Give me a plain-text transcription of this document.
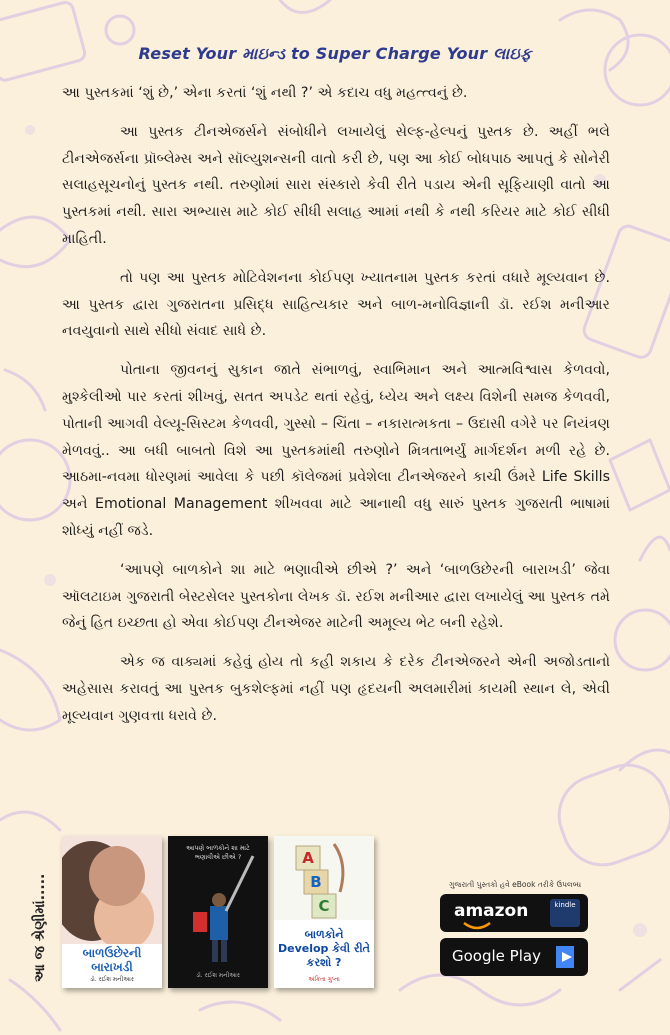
Reset Your માઇન્ડ to Super Charge Your લાઇફ

આ પુસ્તકમાં ‘શું છે,’ એના કરતાં ‘શું નથી ?’ એ કદાચ વધુ મહત્ત્વનું છે.

આ પુસ્તક ટીનએજર્સને સંબોધીને લખાયેલું સેલ્ફ-હેલ્પનું પુસ્તક છે. અહીં ભલે ટીનએજર્સના પ્રૉબ્લેમ્સ અને સૉલ્યુશન્સની વાતો કરી છે, પણ આ કોઈ બોધપાઠ આપતું કે સોનેરી સલાહસૂચનોનું પુસ્તક નથી. તરુણોમાં સારા સંસ્કારો કેવી રીતે પડાય એની સૂફિયાણી વાતો આ પુસ્તકમાં નથી. સારા અભ્યાસ માટે કોઈ સીધી સલાહ આમાં નથી કે નથી કરિયર માટે કોઈ સીધી માહિતી.

તો પણ આ પુસ્તક મોટિવેશનના કોઈપણ ખ્યાતનામ પુસ્તક કરતાં વધારે મૂલ્યવાન છે. આ પુસ્તક દ્વારા ગુજરાતના પ્રસિદ્ધ સાહિત્યકાર અને બાળ-મનોવિજ્ઞાની ડૉ. રઈશ મનીઆર નવયુવાનો સાથે સીધો સંવાદ સાધે છે.

પોતાના જીવનનું સુકાન જાતે સંભાળવું, સ્વાભિમાન અને આત્મવિશ્વાસ કેળવવો, મુશ્કેલીઓ પાર કરતાં શીખવું, સતત અપડેટ થતાં રહેવું, ધ્યેય અને લક્ષ્ય વિશેની સમજ કેળવવી, પોતાની આગવી વેલ્યૂ-સિસ્ટમ કેળવવી, ગુસ્સો – ચિંતા – નકારાત્મકતા – ઉદાસી વગેરે પર નિયંત્રણ મેળવવું.. આ બધી બાબતો વિશે આ પુસ્તકમાંથી તરુણોને મિત્રતાભર્યું માર્ગદર્શન મળી રહે છે. આઠમા-નવમા ધોરણમાં આવેલા કે પછી કૉલેજમાં પ્રવેશેલા ટીનએજરને કાચી ઉંમરે Life Skills અને Emotional Management શીખવવા માટે આનાથી વધુ સારું પુસ્તક ગુજરાતી ભાષામાં શોધ્યું નહીં જડે.

‘આપણે બાળકોને શા માટે ભણાવીએ છીએ ?’ અને ‘બાળઉછેરની બારાખડી’ જેવા ઑલટાઇમ ગુજરાતી બેસ્ટસેલર પુસ્તકોના લેખક ડૉ. રઈશ મનીઆર દ્વારા લખાયેલું આ પુસ્તક તમે જેનું હિત ઇચ્છતા હો એવા કોઈપણ ટીનએજર માટેની અમૂલ્ય ભેટ બની રહેશે.

એક જ વાક્યમાં કહેવું હોય તો કહી શકાય કે દરેક ટીનએજરને એની અજોડતાનો અહેસાસ કરાવતું આ પુસ્તક બુકશેલ્ફમાં નહીં પણ હૃદયની અલમારીમાં કાયમી સ્થાન લે, એવી મૂલ્યવાન ગુણવત્તા ધરાવે છે.

આ જ શ્રેણીમાં.....	બાળઉછેરની બારાખડી
ડૉ. રઈશ મનીઆર
આપણે બાળકોને શા માટે ભણાવીએ છીએ ?
ડૉ. રઈશ મનીઆર
A
B
C
બાળકોને Develop કેવી રીતે કરશો ?
અંકિતા ગુપ્તા
ગુજરાતી પુસ્તકો હવે eBook તરીકે ઉપલબ્ધ
amazon	kindle
Google Play
